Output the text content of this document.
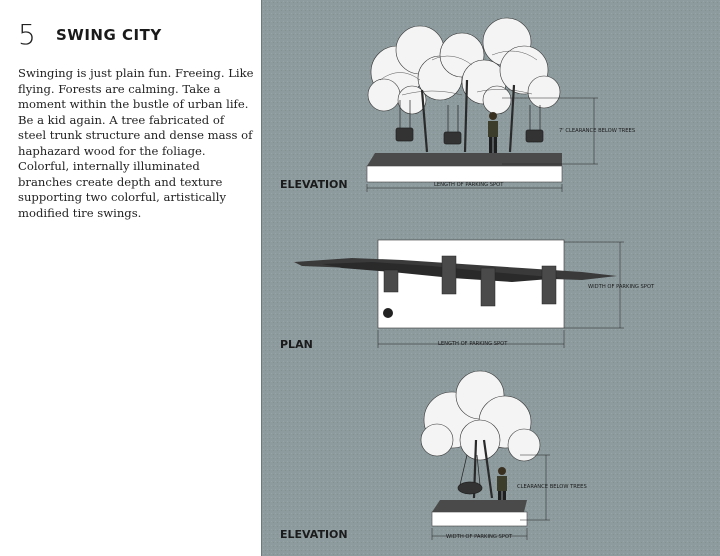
5 SWING CITY
Swinging is just plain fun. Freeing. Like flying. Forests are calming. Take a moment within the bustle of urban life. Be a kid again. A tree fabricated of steel trunk structure and dense mass of haphazard wood for the foliage. Colorful, internally illuminated branches create depth and texture supporting two colorful, artistically modified tire swings.
7' CLEARANCE BELOW TREES
LENGTH OF PARKING SPOT
ELEVATION
WIDTH OF PARKING SPOT
LENGTH OF PARKING SPOT
PLAN
CLEARANCE BELOW TREES
WIDTH OF PARKING SPOT
ELEVATION
